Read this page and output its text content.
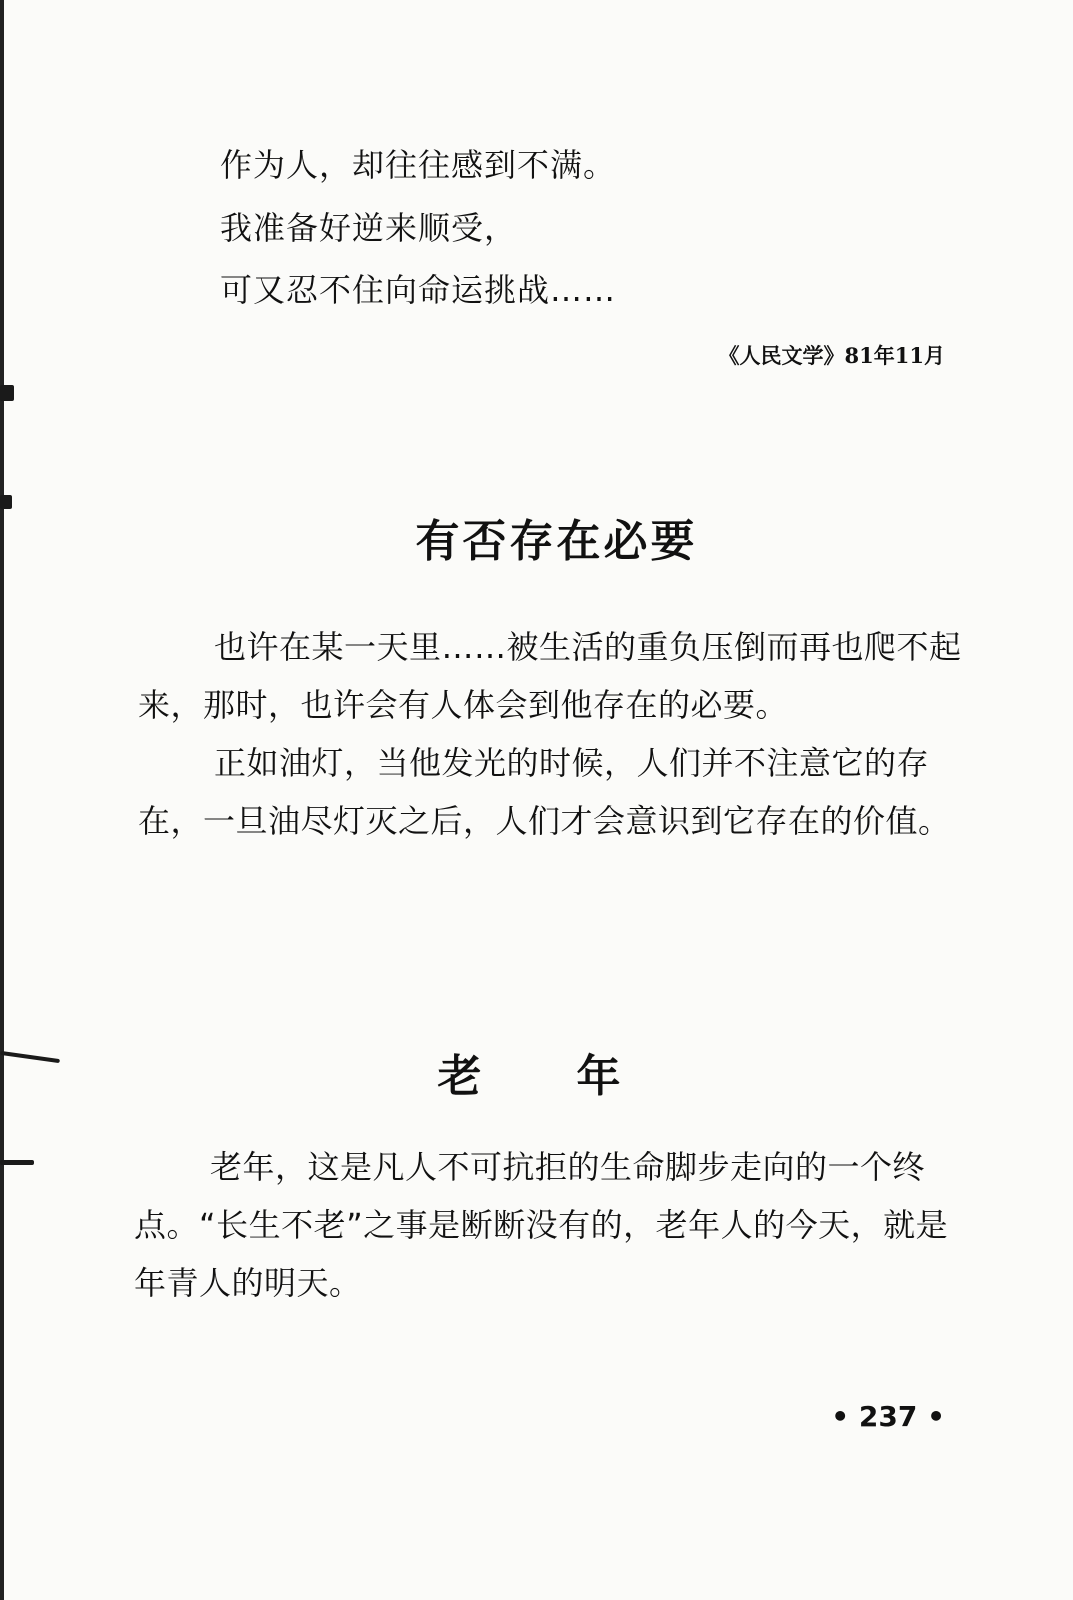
作为人，却往往感到不满。
我准备好逆来顺受，
可又忍不住向命运挑战……
《人民文学》81年11月
有否存在必要
也许在某一天里……被生活的重负压倒而再也爬不起来，那时，也许会有人体会到他存在的必要。
正如油灯，当他发光的时候，人们并不注意它的存在，一旦油尽灯灭之后，人们才会意识到它存在的价值。
老年
老年，这是凡人不可抗拒的生命脚步走向的一个终点。“长生不老”之事是断断没有的，老年人的今天，就是年青人的明天。
• 237 •
